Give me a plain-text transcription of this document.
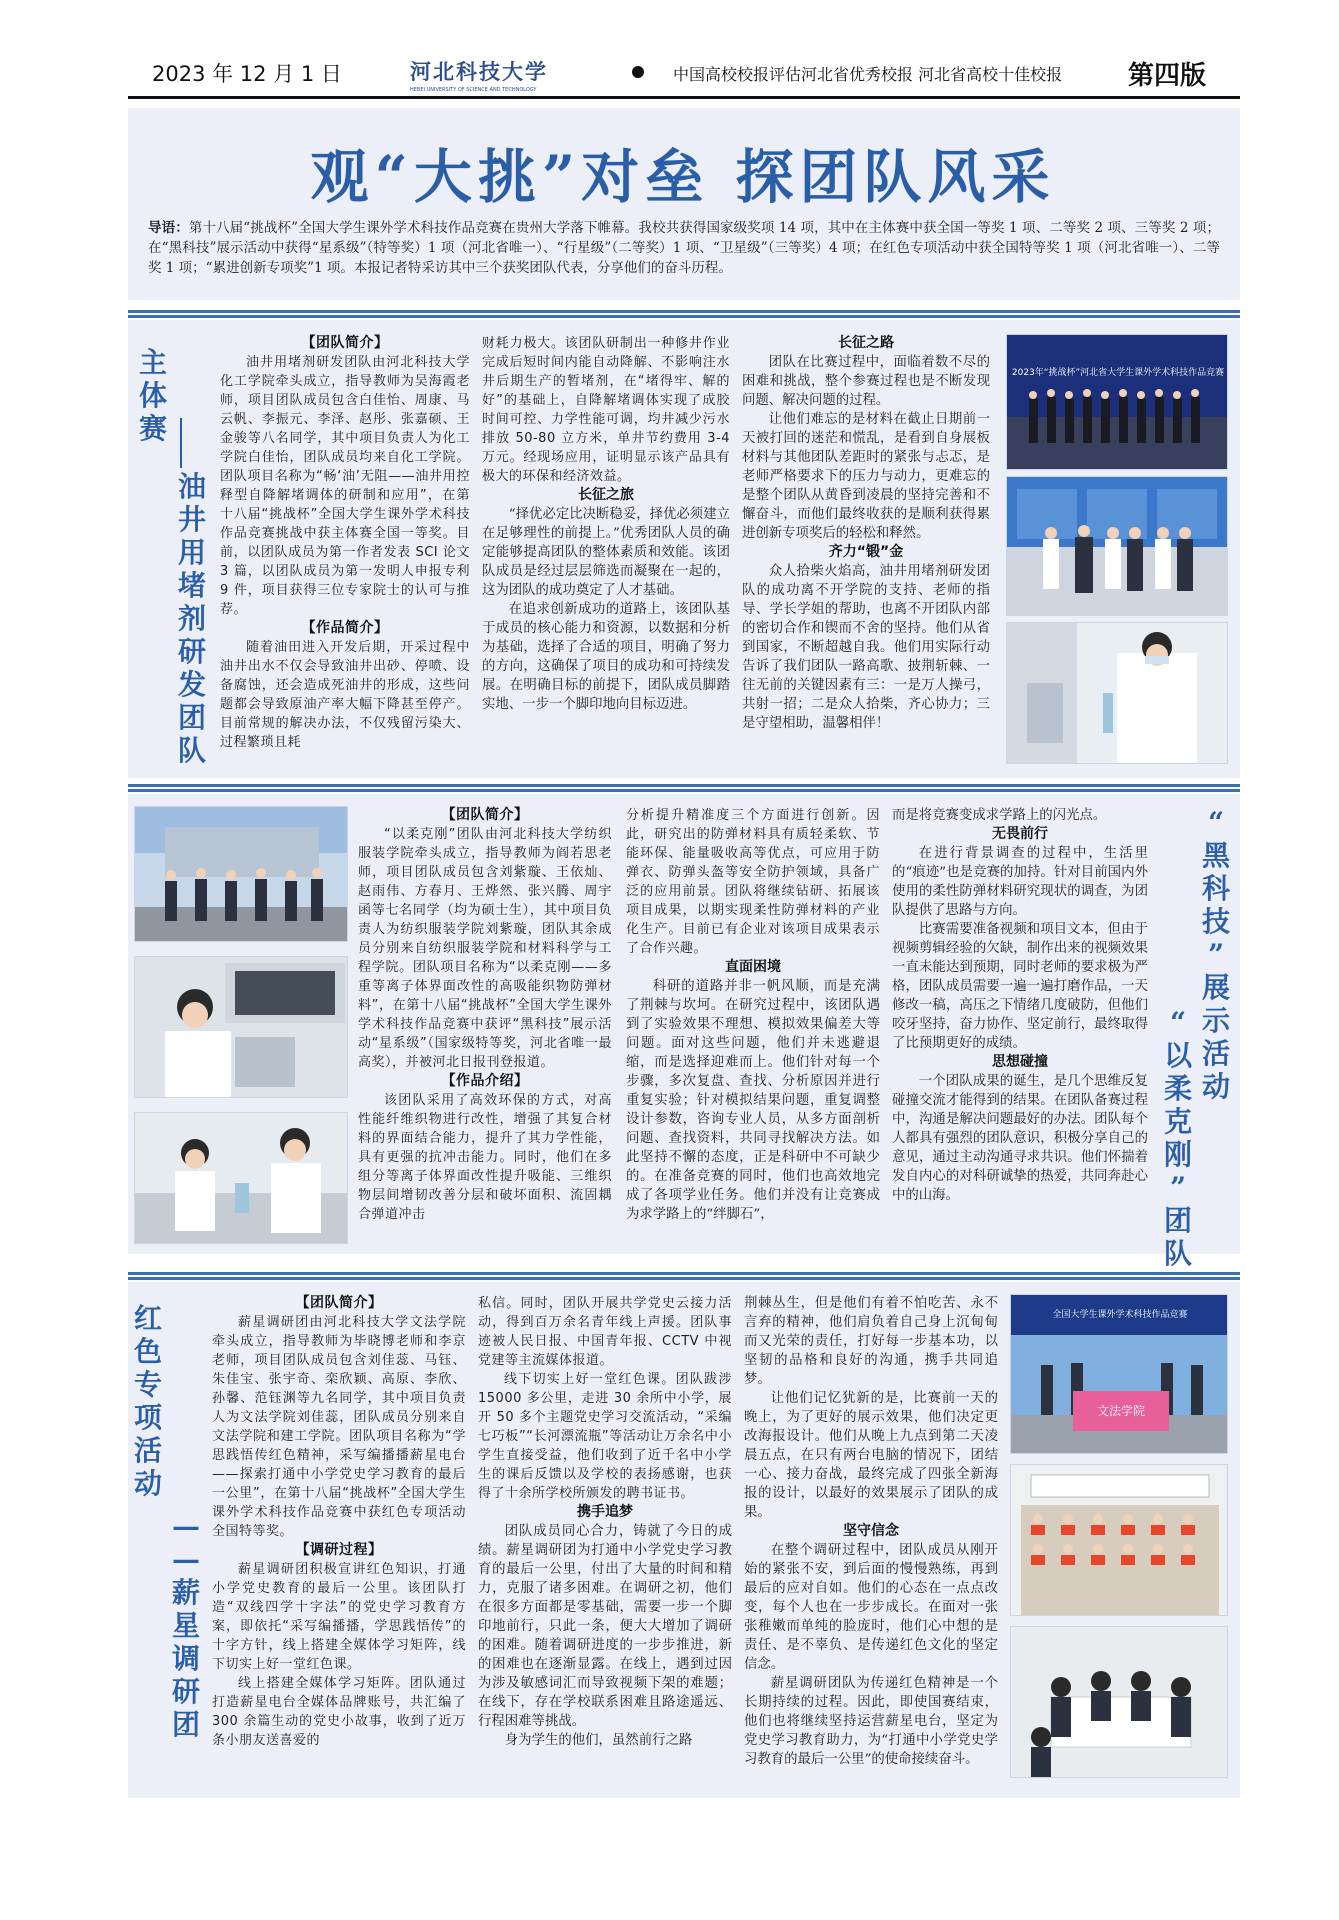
2023 年 12 月 1 日	河北科技大学
HEBEI UNIVERSITY OF SCIENCE AND TECHNOLOGY
中国高校校报评估河北省优秀校报 河北省高校十佳校报	第四版
观“大挑”对垒 探团队风采
导语：第十八届“挑战杯”全国大学生课外学术科技作品竞赛在贵州大学落下帷幕。我校共获得国家级奖项 14 项，其中在主体赛中获全国一等奖 1 项、二等奖 2 项、三等奖 2 项；在“黑科技”展示活动中获得“星系级”（特等奖）1 项（河北省唯一）、“行星级”（二等奖）1 项、“卫星级”（三等奖）4 项；在红色专项活动中获全国特等奖 1 项（河北省唯一）、二等奖 1 项；“累进创新专项奖”1 项。本报记者特采访其中三个获奖团队代表，分享他们的奋斗历程。
主
体
赛
油
井
用
堵
剂
研
发
团
队
【团队简介】

油井用堵剂研发团队由河北科技大学化工学院牵头成立，指导教师为吴海霞老师，项目团队成员包含白佳怡、周康、马云帆、李振元、李泽、赵彤、张嘉硕、王金骏等八名同学，其中项目负责人为化工学院白佳怡，团队成员均来自化工学院。团队项目名称为“畅‘油’无阻——油井用控释型自降解堵调体的研制和应用”，在第十八届“挑战杯”全国大学生课外学术科技作品竞赛挑战中获主体赛全国一等奖。目前，以团队成员为第一作者发表 SCI 论文 3 篇，以团队成员为第一发明人申报专利 9 件，项目获得三位专家院士的认可与推荐。

【作品简介】

随着油田进入开发后期，开采过程中油井出水不仅会导致油井出砂、停喷、设备腐蚀，还会造成死油井的形成，这些问题都会导致原油产率大幅下降甚至停产。目前常规的解决办法，不仅残留污染大、过程繁琐且耗

财耗力极大。该团队研制出一种修井作业完成后短时间内能自动降解、不影响注水井后期生产的暂堵剂，在“堵得牢、解的好”的基础上，自降解堵调体实现了成胶时间可控、力学性能可调，均井减少污水排放 50-80 立方米，单井节约费用 3-4 万元。经现场应用，证明显示该产品具有极大的环保和经济效益。

长征之旅

“择优必定比决断稳妥，择优必须建立在足够理性的前提上。”优秀团队人员的确定能够提高团队的整体素质和效能。该团队成员是经过层层筛选而凝聚在一起的，这为团队的成功奠定了人才基础。

在追求创新成功的道路上，该团队基于成员的核心能力和资源，以数据和分析为基础，选择了合适的项目，明确了努力的方向，这确保了项目的成功和可持续发展。在明确目标的前提下，团队成员脚踏实地、一步一个脚印地向目标迈进。

长征之路

团队在比赛过程中，面临着数不尽的困难和挑战，整个参赛过程也是不断发现问题、解决问题的过程。

让他们难忘的是材料在截止日期前一天被打回的迷茫和慌乱，是看到自身展板材料与其他团队差距时的紧张与忐忑，是老师严格要求下的压力与动力，更难忘的是整个团队从黄昏到凌晨的坚持完善和不懈奋斗，而他们最终收获的是顺利获得累进创新专项奖后的轻松和释然。

齐力“锻”金

众人拾柴火焰高，油井用堵剂研发团队的成功离不开学院的支持、老师的指导、学长学姐的帮助，也离不开团队内部的密切合作和锲而不舍的坚持。他们从省到国家，不断超越自我。他们用实际行动告诉了我们团队一路高歌、披荆斩棘、一往无前的关键因素有三：一是万人操弓，共射一招；二是众人拾柴，齐心协力；三是守望相助，温馨相伴！

2023年“挑战杯”河北省大学生课外学术科技作品竞赛
【团队简介】

“以柔克刚”团队由河北科技大学纺织服装学院牵头成立，指导教师为阎若思老师，项目团队成员包含刘紫璇、王依灿、赵雨伟、方春月、王烨然、张兴腾、周宇函等七名同学（均为硕士生），其中项目负责人为纺织服装学院刘紫璇，团队其余成员分别来自纺织服装学院和材料科学与工程学院。团队项目名称为“以柔克刚——多重等离子体界面改性的高吸能织物防弹材料”，在第十八届“挑战杯”全国大学生课外学术科技作品竞赛中获评“黑科技”展示活动“星系级”（国家级特等奖，河北省唯一最高奖），并被河北日报刊登报道。

【作品介绍】

该团队采用了高效环保的方式，对高性能纤维织物进行改性，增强了其复合材料的界面结合能力，提升了其力学性能，具有更强的抗冲击能力。同时，他们在多组分等离子体界面改性提升吸能、三维织物层间增韧改善分层和破坏面积、流固耦合弹道冲击

分析提升精准度三个方面进行创新。因此，研究出的防弹材料具有质轻柔软、节能环保、能量吸收高等优点，可应用于防弹衣、防弹头盔等安全防护领域，具备广泛的应用前景。团队将继续钻研、拓展该项目成果，以期实现柔性防弹材料的产业化生产。目前已有企业对该项目成果表示了合作兴趣。

直面困境

科研的道路并非一帆风顺，而是充满了荆棘与坎坷。在研究过程中，该团队遇到了实验效果不理想、模拟效果偏差大等问题。面对这些问题，他们并未逃避退缩，而是选择迎难而上。他们针对每一个步骤，多次复盘、查找、分析原因并进行重复实验；针对模拟结果问题，重复调整设计参数，咨询专业人员，从多方面剖析问题、查找资料，共同寻找解决方法。如此坚持不懈的态度，正是科研中不可缺少的。在准备竞赛的同时，他们也高效地完成了各项学业任务。他们并没有让竞赛成为求学路上的“绊脚石”，

而是将竞赛变成求学路上的闪光点。

无畏前行

在进行背景调查的过程中，生活里的“痕迹”也是竞赛的加持。针对目前国内外使用的柔性防弹材料研究现状的调查，为团队提供了思路与方向。

比赛需要准备视频和项目文本，但由于视频剪辑经验的欠缺，制作出来的视频效果一直未能达到预期，同时老师的要求极为严格，团队成员需要一遍一遍打磨作品，一天修改一稿，高压之下情绪几度破防，但他们咬牙坚持，奋力协作、坚定前行，最终取得了比预期更好的成绩。

思想碰撞

一个团队成果的诞生，是几个思维反复碰撞交流才能得到的结果。在团队备赛过程中，沟通是解决问题最好的办法。团队每个人都具有强烈的团队意识，积极分享自己的意见，通过主动沟通寻求共识。他们怀揣着发自内心的对科研诚挚的热爱，共同奔赴心中的山海。

“
黑
科
技
”
展
示
活
动
“
以
柔
克
刚
”
团
队
红
色
专
项
活
动
—
—
薪
星
调
研
团
【团队简介】

薪星调研团由河北科技大学文法学院牵头成立，指导教师为毕晓博老师和李京老师，项目团队成员包含刘佳蕊、马钰、朱佳宝、张宇奇、栾欣颖、高原、李欣、孙馨、范钰渊等九名同学，其中项目负责人为文法学院刘佳蕊，团队成员分别来自文法学院和建工学院。团队项目名称为“学思践悟传红色精神，采写编播播薪星电台——探索打通中小学党史学习教育的最后一公里”，在第十八届“挑战杯”全国大学生课外学术科技作品竞赛中获红色专项活动全国特等奖。

【调研过程】

薪星调研团积极宣讲红色知识，打通小学党史教育的最后一公里。该团队打造“双线四学十字法”的党史学习教育方案，即依托“采写编播播，学思践悟传”的十字方针，线上搭建全媒体学习矩阵，线下切实上好一堂红色课。

线上搭建全媒体学习矩阵。团队通过打造薪星电台全媒体品牌账号，共汇编了 300 余篇生动的党史小故事，收到了近万条小朋友送喜爱的

私信。同时，团队开展共学党史云接力活动，得到百万余名青年线上声援。团队事迹被人民日报、中国青年报、CCTV 中视党建等主流媒体报道。

线下切实上好一堂红色课。团队跋涉 15000 多公里，走进 30 余所中小学，展开 50 多个主题党史学习交流活动，“采编七巧板”“长河漂流瓶”等活动让万余名中小学生直接受益，他们收到了近千名中小学生的课后反馈以及学校的表扬感谢，也获得了十余所学校所颁发的聘书证书。

携手追梦

团队成员同心合力，铸就了今日的成绩。薪星调研团为打通中小学党史学习教育的最后一公里，付出了大量的时间和精力，克服了诸多困难。在调研之初，他们在很多方面都是零基础，需要一步一个脚印地前行，只此一条，便大大增加了调研的困难。随着调研进度的一步步推进，新的困难也在逐渐显露。在线上，遇到过因为涉及敏感词汇而导致视频下架的难题；在线下，存在学校联系困难且路途遥远、行程困难等挑战。

身为学生的他们，虽然前行之路

荆棘丛生，但是他们有着不怕吃苦、永不言弃的精神，他们肩负着自己身上沉甸甸而又光荣的责任，打好每一步基本功，以坚韧的品格和良好的沟通，携手共同追梦。

让他们记忆犹新的是，比赛前一天的晚上，为了更好的展示效果，他们决定更改海报设计。他们从晚上九点到第二天凌晨五点，在只有两台电脑的情况下，团结一心、接力奋战，最终完成了四张全新海报的设计，以最好的效果展示了团队的成果。

坚守信念

在整个调研过程中，团队成员从刚开始的紧张不安，到后面的慢慢熟练，再到最后的应对自如。他们的心态在一点点改变，每个人也在一步步成长。在面对一张张稚嫩而单纯的脸庞时，他们心中想的是责任、是不辜负、是传递红色文化的坚定信念。

薪星调研团队为传递红色精神是一个长期持续的过程。因此，即使国赛结束，他们也将继续坚持运营薪星电台，坚定为党史学习教育助力，为“打通中小学党史学习教育的最后一公里”的使命接续奋斗。

全国大学生课外学术科技作品竞赛
文法学院
